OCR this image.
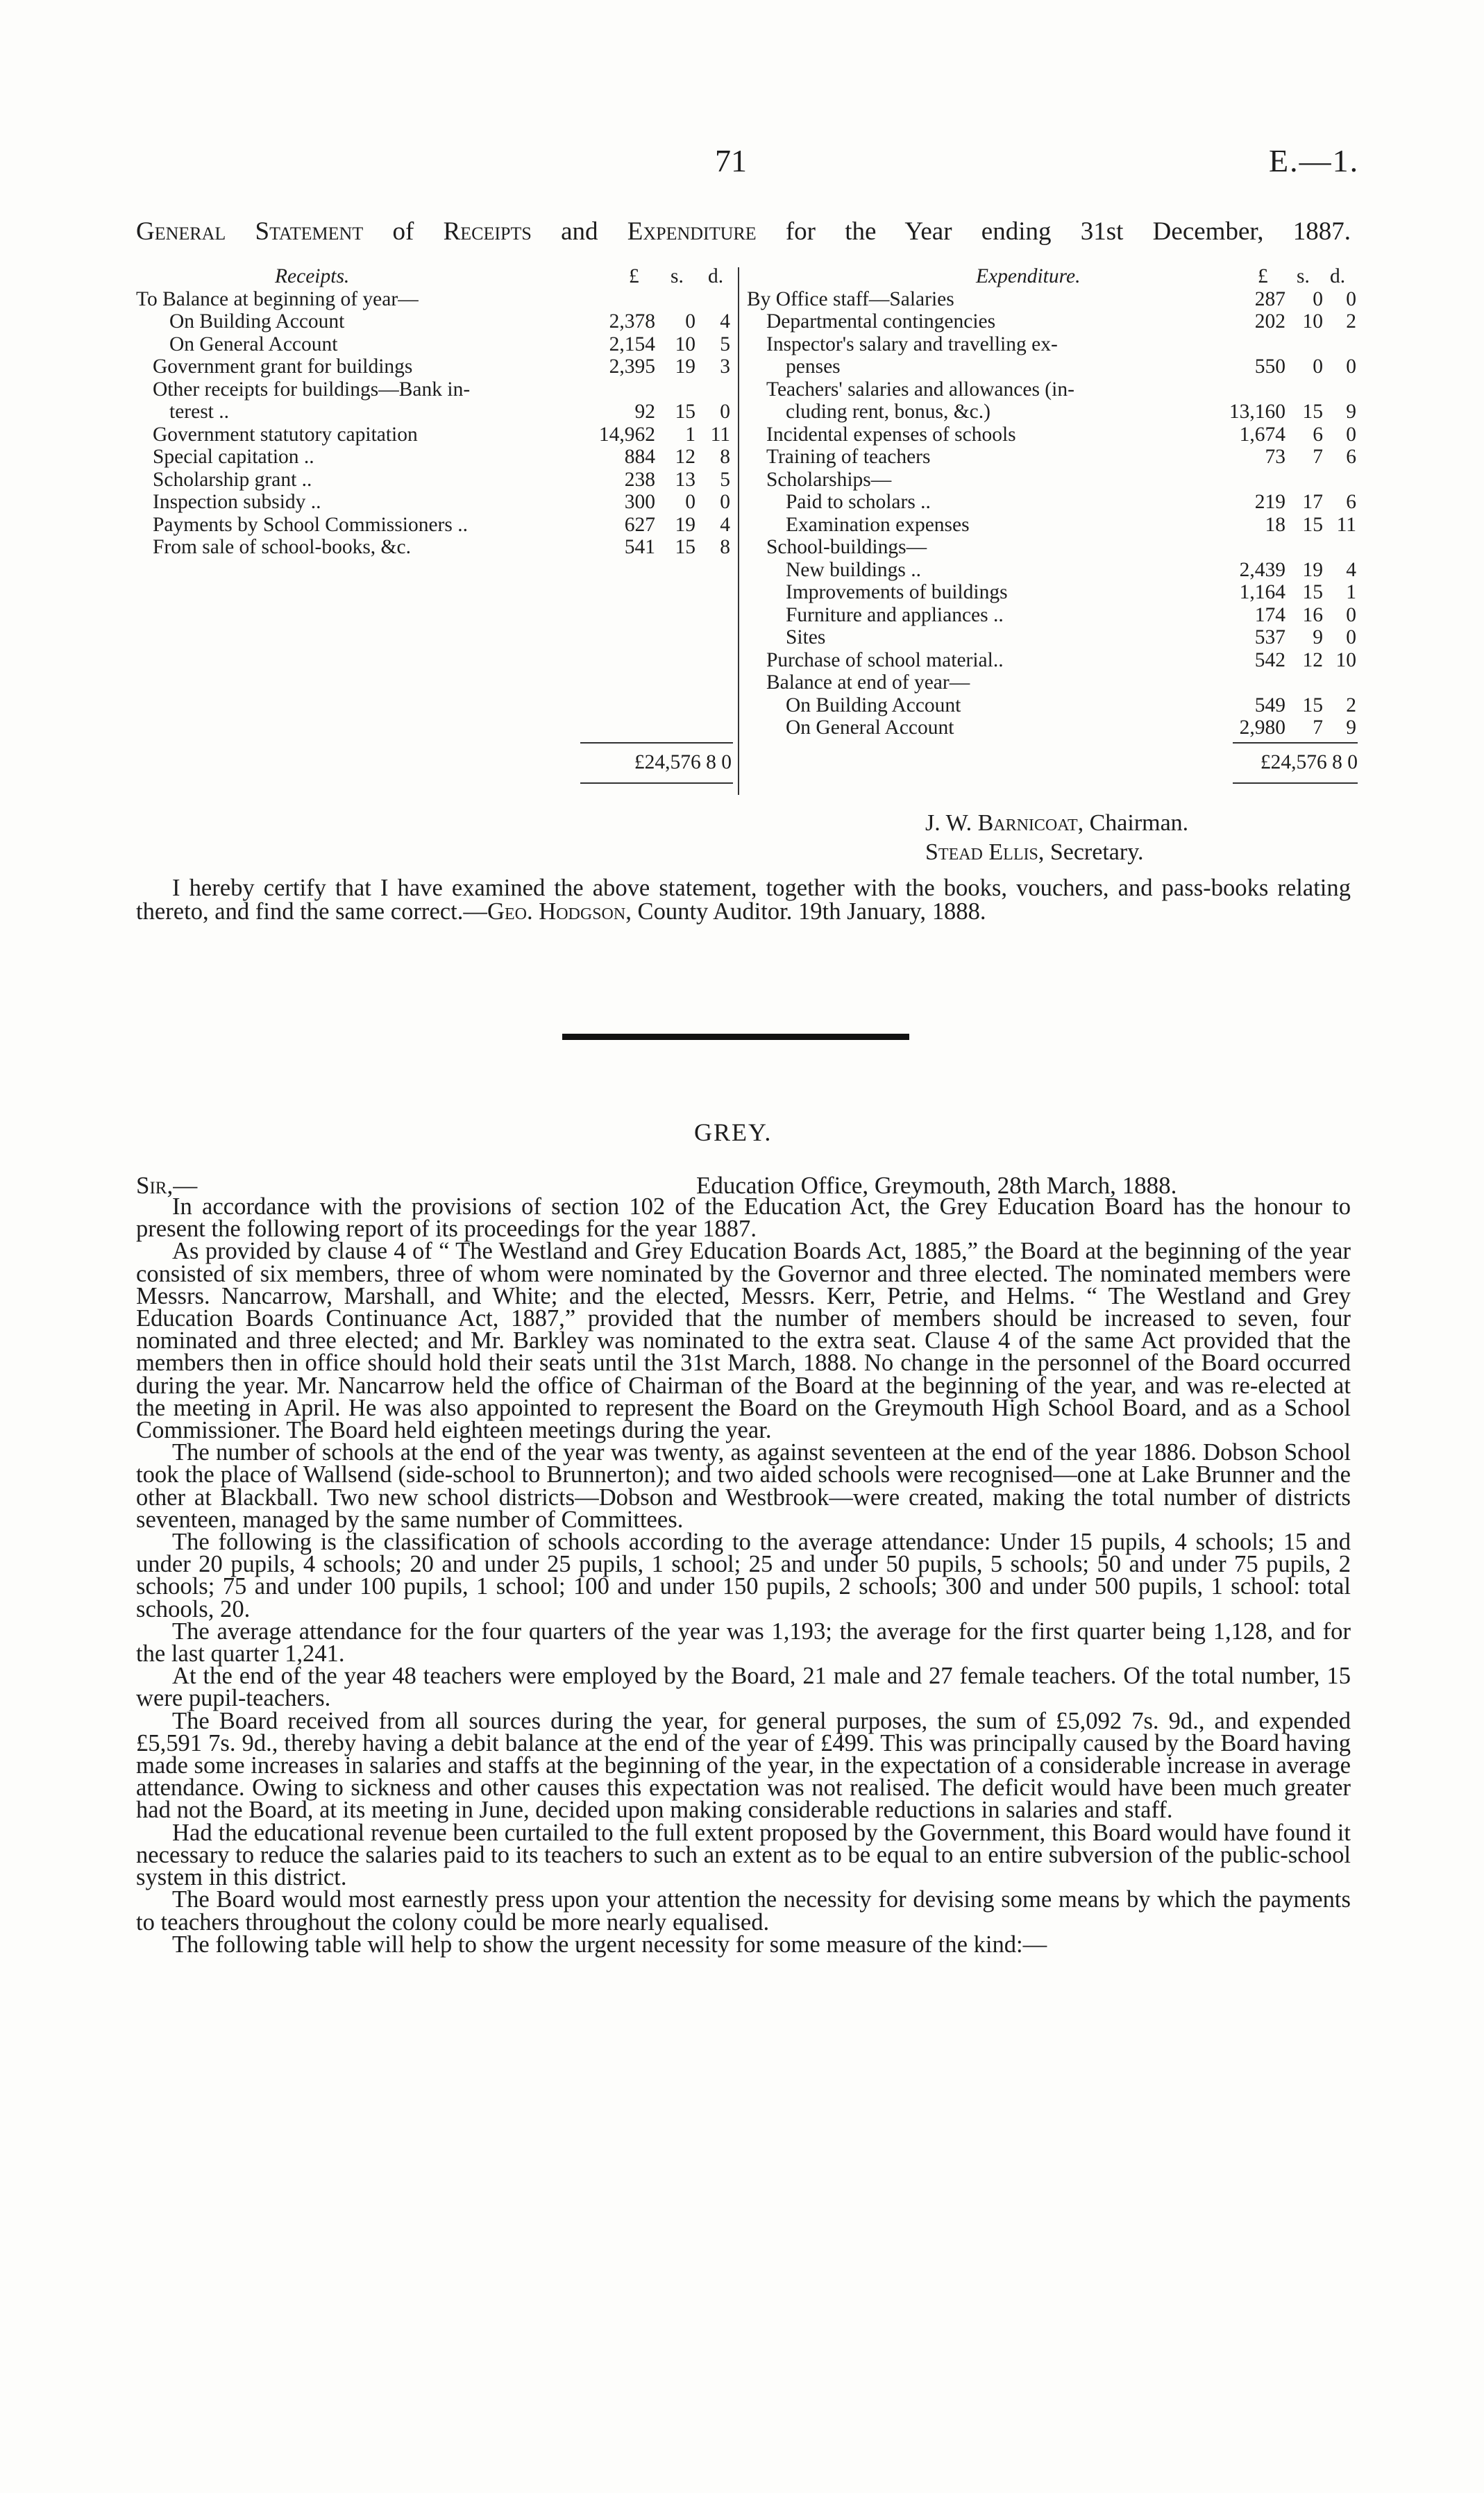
71	E.—1.
General Statement of Receipts and Expenditure for the Year ending 31st December, 1887.
Receipts.	£ s. d.
To Balance at beginning of year—
On Building Account	2,378 0 4
On General Account	2,154 10 5
Government grant for buildings	2,395 19 3
Other receipts for buildings—Bank in-
terest ..	92 15 0
Government statutory capitation	14,962 1 11
Special capitation ..	884 12 8
Scholarship grant ..	238 13 5
Inspection subsidy ..	300 0 0
Payments by School Commissioners ..	627 19 4
From sale of school-books, &c.	541 15 8
£24,576 8 0
Expenditure.	£ s. d.
By Office staff—Salaries	287 0 0
Departmental contingencies	202 10 2
Inspector's salary and travelling ex-
penses	550 0 0
Teachers' salaries and allowances (in-
cluding rent, bonus, &c.)	13,160 15 9
Incidental expenses of schools	1,674 6 0
Training of teachers	73 7 6
Scholarships—
Paid to scholars ..	219 17 6
Examination expenses	18 15 11
School-buildings—
New buildings ..	2,439 19 4
Improvements of buildings	1,164 15 1
Furniture and appliances ..	174 16 0
Sites	537 9 0
Purchase of school material..	542 12 10
Balance at end of year—
On Building Account	549 15 2
On General Account	2,980 7 9
£24,576 8 0
J. W. Barnicoat, Chairman.
Stead Ellis, Secretary.

I hereby certify that I have examined the above statement, together with the books, vouchers, and pass-books relating thereto, and find the same correct.—Geo. Hodgson, County Auditor. 19th January, 1888.

GREY.
Sir,—	Education Office, Greymouth, 28th March, 1888.

In accordance with the provisions of section 102 of the Education Act, the Grey Education Board has the honour to present the following report of its proceedings for the year 1887.

As provided by clause 4 of “ The Westland and Grey Education Boards Act, 1885,” the Board at the beginning of the year consisted of six members, three of whom were nominated by the Governor and three elected. The nominated members were Messrs. Nancarrow, Marshall, and White; and the elected, Messrs. Kerr, Petrie, and Helms. “ The Westland and Grey Education Boards Continuance Act, 1887,” provided that the number of members should be increased to seven, four nominated and three elected; and Mr. Barkley was nominated to the extra seat. Clause 4 of the same Act provided that the members then in office should hold their seats until the 31st March, 1888. No change in the personnel of the Board occurred during the year. Mr. Nancarrow held the office of Chairman of the Board at the beginning of the year, and was re-elected at the meeting in April. He was also appointed to represent the Board on the Greymouth High School Board, and as a School Commissioner. The Board held eighteen meetings during the year.

The number of schools at the end of the year was twenty, as against seventeen at the end of the year 1886. Dobson School took the place of Wallsend (side-school to Brunnerton); and two aided schools were recognised—one at Lake Brunner and the other at Blackball. Two new school districts—Dobson and Westbrook—were created, making the total number of districts seventeen, managed by the same number of Committees.

The following is the classification of schools according to the average attendance: Under 15 pupils, 4 schools; 15 and under 20 pupils, 4 schools; 20 and under 25 pupils, 1 school; 25 and under 50 pupils, 5 schools; 50 and under 75 pupils, 2 schools; 75 and under 100 pupils, 1 school; 100 and under 150 pupils, 2 schools; 300 and under 500 pupils, 1 school: total schools, 20.

The average attendance for the four quarters of the year was 1,193; the average for the first quarter being 1,128, and for the last quarter 1,241.

At the end of the year 48 teachers were employed by the Board, 21 male and 27 female teachers. Of the total number, 15 were pupil-teachers.

The Board received from all sources during the year, for general purposes, the sum of £5,092 7s. 9d., and expended £5,591 7s. 9d., thereby having a debit balance at the end of the year of £499. This was principally caused by the Board having made some increases in salaries and staffs at the beginning of the year, in the expectation of a considerable increase in average attendance. Owing to sickness and other causes this expectation was not realised. The deficit would have been much greater had not the Board, at its meeting in June, decided upon making considerable reductions in salaries and staff.

Had the educational revenue been curtailed to the full extent proposed by the Government, this Board would have found it necessary to reduce the salaries paid to its teachers to such an extent as to be equal to an entire subversion of the public-school system in this district.

The Board would most earnestly press upon your attention the necessity for devising some means by which the payments to teachers throughout the colony could be more nearly equalised.

The following table will help to show the urgent necessity for some measure of the kind:—
